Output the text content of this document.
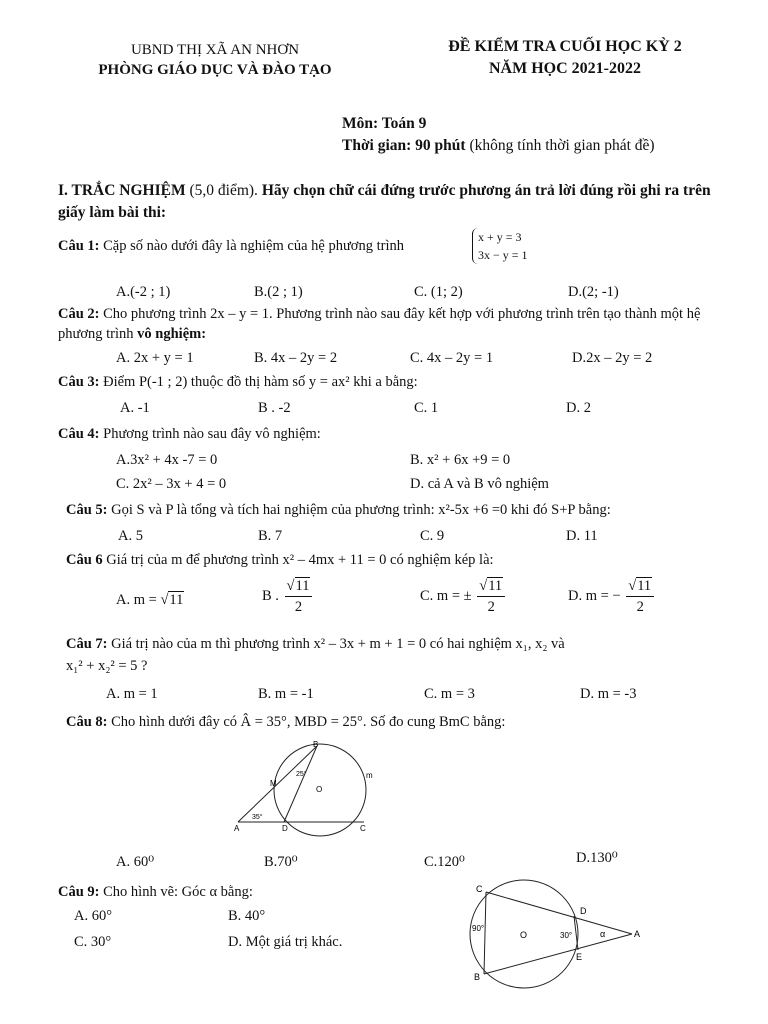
UBND THỊ XÃ AN NHƠN
PHÒNG GIÁO DỤC VÀ ĐÀO TẠO
ĐỀ KIỂM TRA CUỐI HỌC KỲ 2
NĂM HỌC 2021-2022
Môn: Toán 9
Thời gian: 90 phút (không tính thời gian phát đề)
I. TRẮC NGHIỆM (5,0 điểm). Hãy chọn chữ cái đứng trước phương án trả lời đúng rồi ghi ra trên giấy làm bài thi:
Câu 1: Cặp số nào dưới đây là nghiệm của hệ phương trình
x + y = 3
3x − y = 1
A.(-2 ; 1)	B.(2 ; 1)	C. (1; 2)	D.(2; -1)
Câu 2: Cho phương trình 2x – y = 1. Phương trình nào sau đây kết hợp với phương trình trên tạo thành một hệ phương trình vô nghiệm:
A. 2x + y = 1	B. 4x – 2y = 2	C. 4x – 2y = 1	D.2x – 2y = 2
Câu 3: Điểm P(-1 ; 2) thuộc đồ thị hàm số y = ax² khi a bằng:
A. -1	B . -2	C. 1	D. 2
Câu 4: Phương trình nào sau đây vô nghiệm:
A.3x² + 4x -7 = 0	B. x² + 6x +9 = 0
C. 2x² – 3x + 4 = 0	D. cả A và B vô nghiệm
Câu 5: Gọi S và P là tổng và tích hai nghiệm của phương trình: x²-5x +6 =0 khi đó S+P bằng:
A. 5	B. 7	C. 9	D. 11
Câu 6 Giá trị của m để phương trình x² – 4mx + 11 = 0 có nghiệm kép là:
A. m = √11	B . $\frac{√11}{2}$	C. m = ± $\frac{√11}{2}$	D. m = − $\frac{√11}{2}$
Câu 7: Giá trị nào của m thì phương trình x² – 3x + m + 1 = 0 có hai nghiệm x₁, x₂ và
x₁² + x₂² = 5 ?
A. m = 1	B. m = -1	C. m = 3	D. m = -3
Câu 8: Cho hình dưới đây có Â = 35°, MBD = 25°. Số đo cung BmC bằng:
B
M
O
m
A	D	C
35°
25°
A. 60⁰	B.70⁰	C.120⁰	D.130⁰
Câu 9: Cho hình vẽ: Góc α bằng:
A. 60°	B. 40°
C. 30°	D. Một giá trị khác.
C
D
O	A
E
B
90°
30°	α
